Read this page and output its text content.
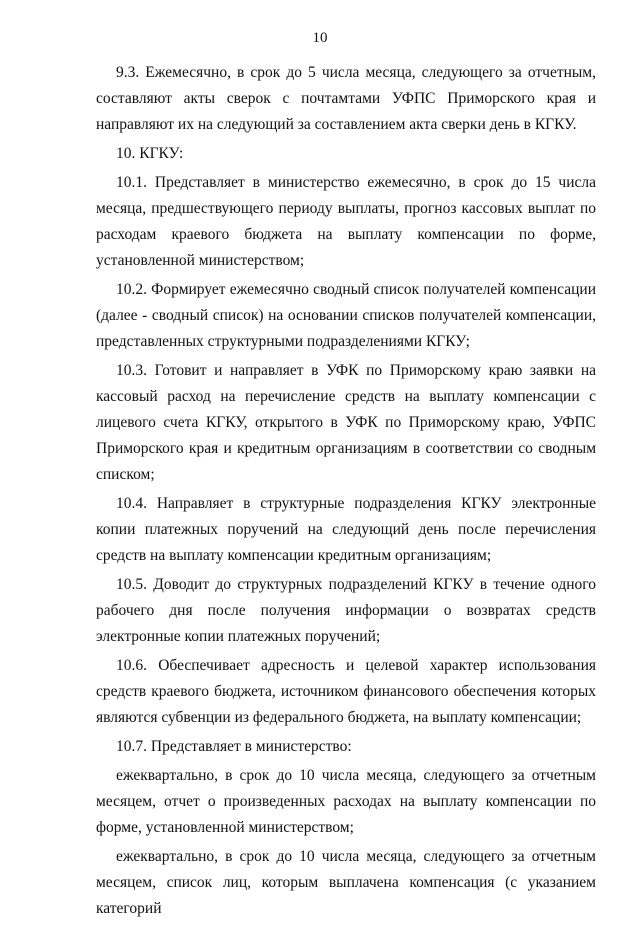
10

9.3. Ежемесячно, в срок до 5 числа месяца, следующего за отчетным, составляют акты сверок с почтамтами УФПС Приморского края и направляют их на следующий за составлением акта сверки день в КГКУ.

10. КГКУ:

10.1. Представляет в министерство ежемесячно, в срок до 15 числа месяца, предшествующего периоду выплаты, прогноз кассовых выплат по расходам краевого бюджета на выплату компенсации по форме, установленной министерством;

10.2. Формирует ежемесячно сводный список получателей компенсации (далее - сводный список) на основании списков получателей компенсации, представленных структурными подразделениями КГКУ;

10.3. Готовит и направляет в УФК по Приморскому краю заявки на кассовый расход на перечисление средств на выплату компенсации с лицевого счета КГКУ, открытого в УФК по Приморскому краю, УФПС Приморского края и кредитным организациям в соответствии со сводным списком;

10.4. Направляет в структурные подразделения КГКУ электронные копии платежных поручений на следующий день после перечисления средств на выплату компенсации кредитным организациям;

10.5. Доводит до структурных подразделений КГКУ в течение одного рабочего дня после получения информации о возвратах средств электронные копии платежных поручений;

10.6. Обеспечивает адресность и целевой характер использования средств краевого бюджета, источником финансового обеспечения которых являются субвенции из федерального бюджета, на выплату компенсации;

10.7. Представляет в министерство:

ежеквартально, в срок до 10 числа месяца, следующего за отчетным месяцем, отчет о произведенных расходах на выплату компенсации по форме, установленной министерством;

ежеквартально, в срок до 10 числа месяца, следующего за отчетным месяцем, список лиц, которым выплачена компенсация (с указанием категорий
